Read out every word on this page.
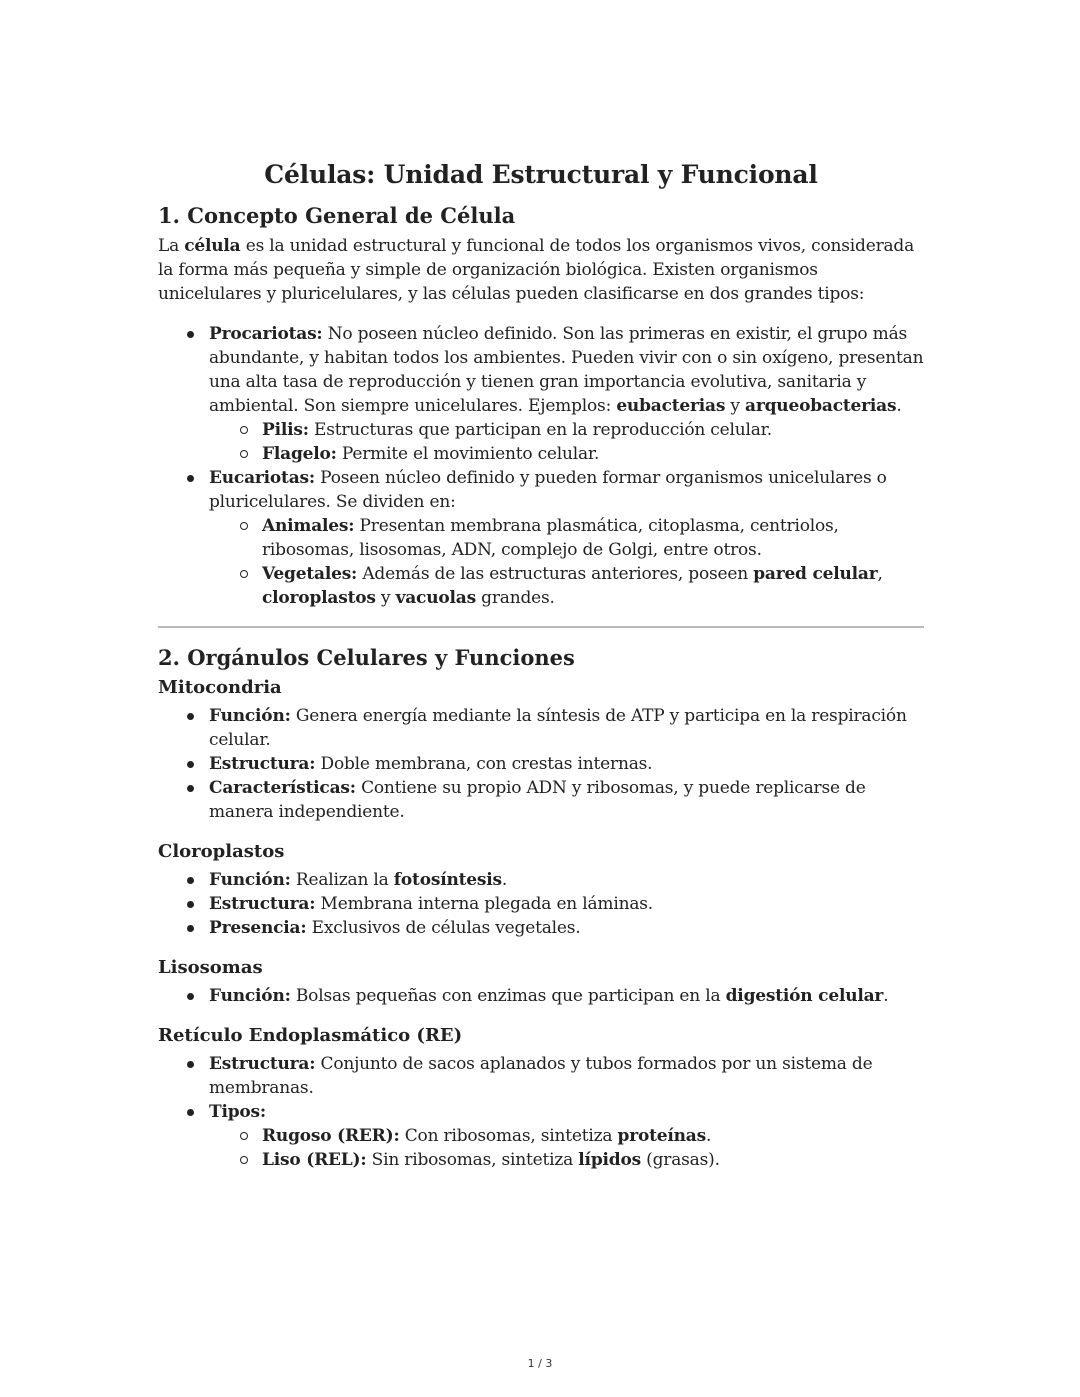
Células: Unidad Estructural y Funcional
1. Concepto General de Célula

La célula es la unidad estructural y funcional de todos los organismos vivos, considerada la forma más pequeña y simple de organización biológica. Existen organismos unicelulares y pluricelulares, y las células pueden clasificarse en dos grandes tipos:

Procariotas: No poseen núcleo definido. Son las primeras en existir, el grupo más abundante, y habitan todos los ambientes. Pueden vivir con o sin oxígeno, presentan una alta tasa de reproducción y tienen gran importancia evolutiva, sanitaria y ambiental. Son siempre unicelulares. Ejemplos: eubacterias y arqueobacterias.
Pilis: Estructuras que participan en la reproducción celular.
Flagelo: Permite el movimiento celular.
Eucariotas: Poseen núcleo definido y pueden formar organismos unicelulares o pluricelulares. Se dividen en:
Animales: Presentan membrana plasmática, citoplasma, centriolos, ribosomas, lisosomas, ADN, complejo de Golgi, entre otros.
Vegetales: Además de las estructuras anteriores, poseen pared celular, cloroplastos y vacuolas grandes.
2. Orgánulos Celulares y Funciones
Mitocondria
Función: Genera energía mediante la síntesis de ATP y participa en la respiración celular.
Estructura: Doble membrana, con crestas internas.
Características: Contiene su propio ADN y ribosomas, y puede replicarse de manera independiente.
Cloroplastos
Función: Realizan la fotosíntesis.
Estructura: Membrana interna plegada en láminas.
Presencia: Exclusivos de células vegetales.
Lisosomas
Función: Bolsas pequeñas con enzimas que participan en la digestión celular.
Retículo Endoplasmático (RE)
Estructura: Conjunto de sacos aplanados y tubos formados por un sistema de membranas.
Tipos:
Rugoso (RER): Con ribosomas, sintetiza proteínas.
Liso (REL): Sin ribosomas, sintetiza lípidos (grasas).
1 / 3
